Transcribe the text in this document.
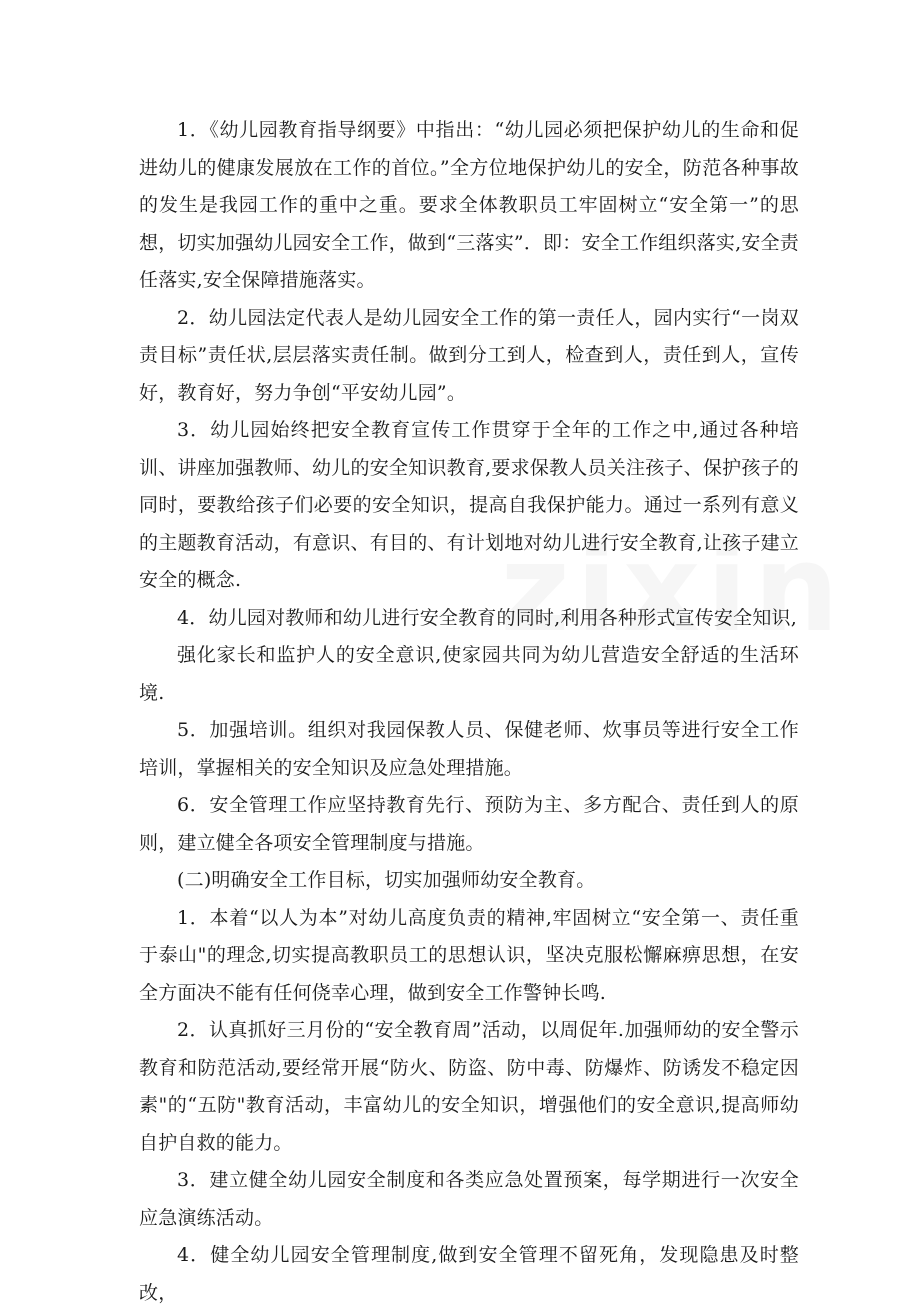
1．《幼儿园教育指导纲要》中指出：“幼儿园必须把保护幼儿的生命和促进幼儿的健康发展放在工作的首位。”全方位地保护幼儿的安全，防范各种事故的发生是我园工作的重中之重。要求全体教职员工牢固树立“安全第一”的思想，切实加强幼儿园安全工作，做到“三落实”．即：安全工作组织落实,安全责任落实,安全保障措施落实。

2．幼儿园法定代表人是幼儿园安全工作的第一责任人，园内实行“一岗双责目标”责任状,层层落实责任制。做到分工到人，检查到人，责任到人，宣传好，教育好，努力争创“平安幼儿园”。

3．幼儿园始终把安全教育宣传工作贯穿于全年的工作之中,通过各种培训、讲座加强教师、幼儿的安全知识教育,要求保教人员关注孩子、保护孩子的同时，要教给孩子们必要的安全知识，提高自我保护能力。通过一系列有意义的主题教育活动，有意识、有目的、有计划地对幼儿进行安全教育,让孩子建立安全的概念.

4．幼儿园对教师和幼儿进行安全教育的同时,利用各种形式宣传安全知识,

强化家长和监护人的安全意识,使家园共同为幼儿营造安全舒适的生活环境.

5．加强培训。组织对我园保教人员、保健老师、炊事员等进行安全工作培训，掌握相关的安全知识及应急处理措施。

6．安全管理工作应坚持教育先行、预防为主、多方配合、责任到人的原则，建立健全各项安全管理制度与措施。

(二)明确安全工作目标，切实加强师幼安全教育。

1．本着“以人为本”对幼儿高度负责的精神,牢固树立“安全第一、责任重于泰山"的理念,切实提高教职员工的思想认识，坚决克服松懈麻痹思想，在安全方面决不能有任何侥幸心理，做到安全工作警钟长鸣.

2．认真抓好三月份的“安全教育周”活动，以周促年.加强师幼的安全警示教育和防范活动,要经常开展“防火、防盗、防中毒、防爆炸、防诱发不稳定因素"的“五防"教育活动，丰富幼儿的安全知识，增强他们的安全意识,提高师幼自护自救的能力。

3．建立健全幼儿园安全制度和各类应急处置预案，每学期进行一次安全应急演练活动。

4．健全幼儿园安全管理制度,做到安全管理不留死角，发现隐患及时整改，
